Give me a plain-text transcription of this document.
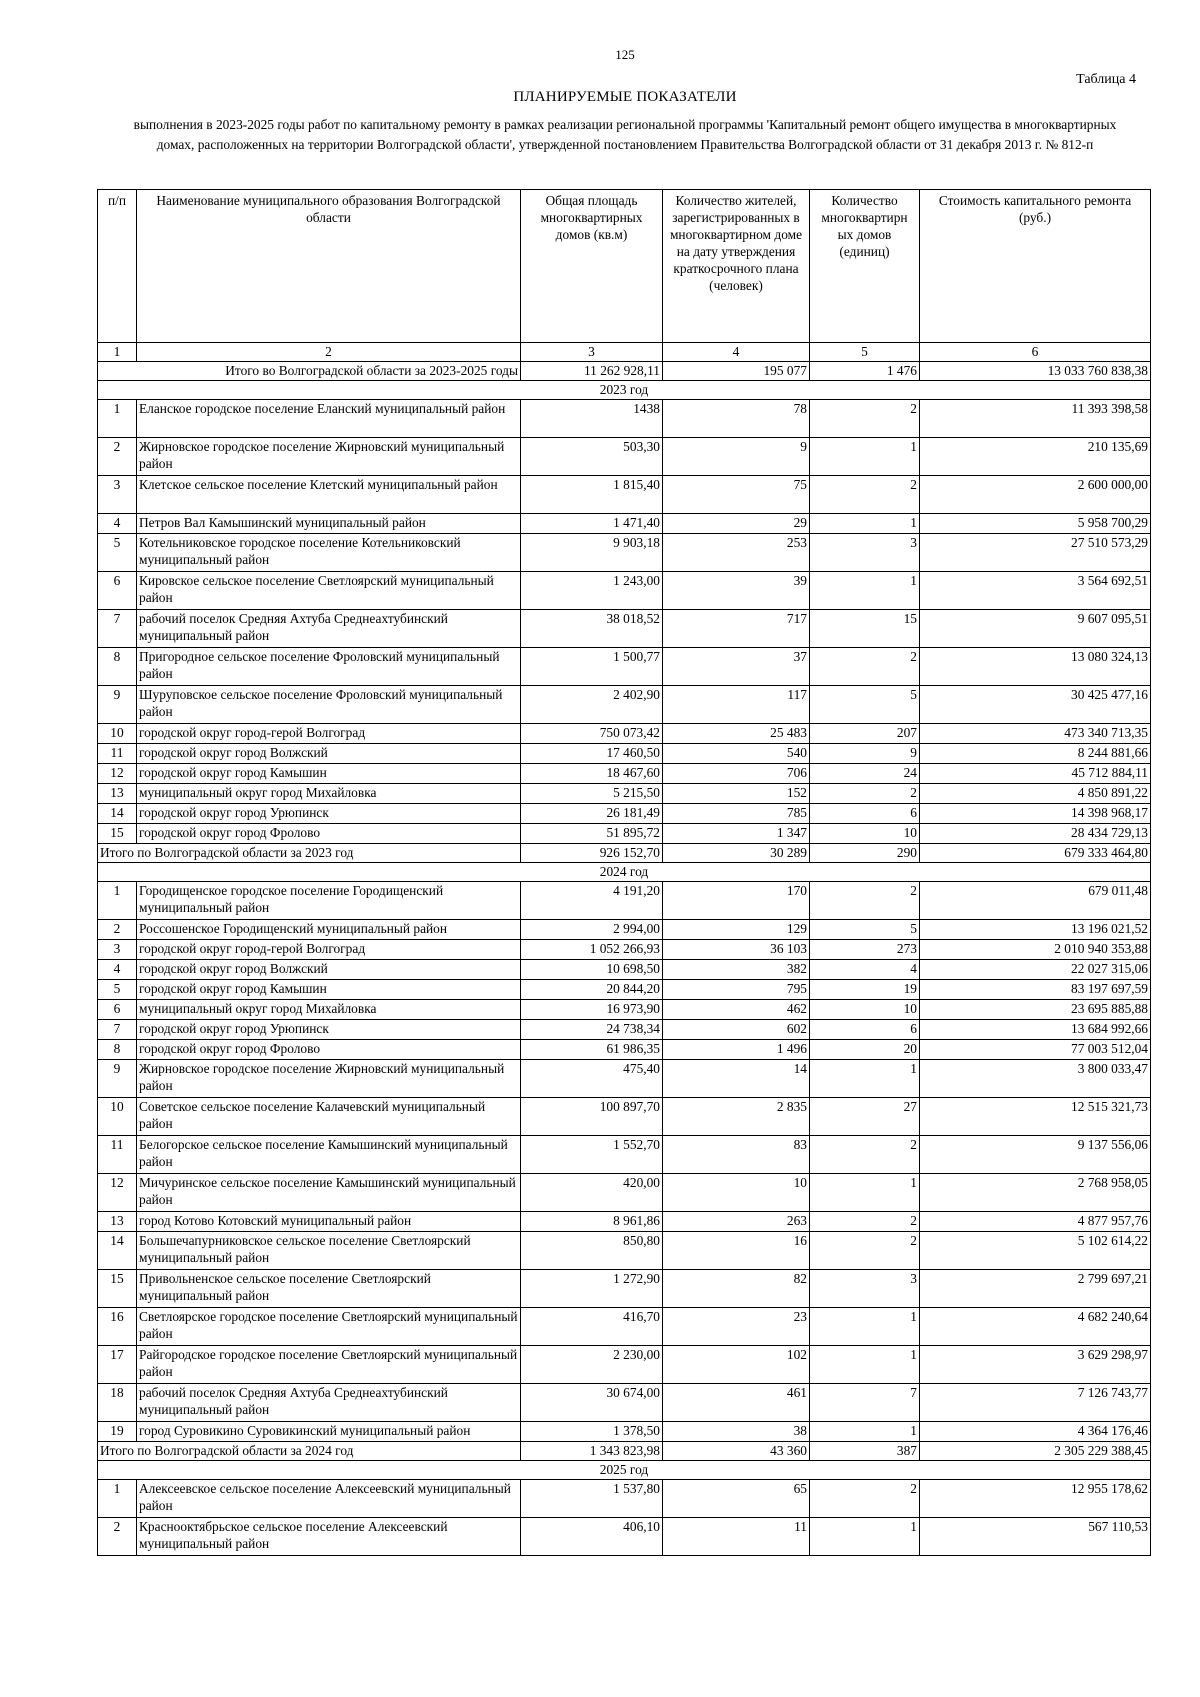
125
Таблица 4
ПЛАНИРУЕМЫЕ ПОКАЗАТЕЛИ
выполнения в 2023-2025 годы работ по капитальному ремонту в рамках реализации региональной программы 'Капитальный ремонт общего имущества в многоквартирных домах, расположенных на территории Волгоградской области', утвержденной постановлением Правительства Волгоградской области от 31 декабря 2013 г. № 812-п
п/п	Наименование муниципального образования Волгоградской области	Общая площадь многоквартирных домов (кв.м)	Количество жителей, зарегистрированных в многоквартирном доме на дату утверждения краткосрочного плана (человек)	Количество многоквартирн ых домов (единиц)	Стоимость капитального ремонта (руб.)
1	2	3	4	5	6
Итого во Волгоградской области за 2023-2025 годы		11 262 928,11	195 077	1 476	13 033 760 838,38
2023 год					
1	Еланское городское поселение Еланский муниципальный район	1438	78	2	11 393 398,58
2	Жирновское городское поселение Жирновский муниципальный район	503,30	9	1	210 135,69
3	Клетское сельское поселение Клетский муниципальный район	1 815,40	75	2	2 600 000,00
4	Петров Вал Камышинский муниципальный район	1 471,40	29	1	5 958 700,29
5	Котельниковское городское поселение Котельниковский муниципальный район	9 903,18	253	3	27 510 573,29
6	Кировское сельское поселение Светлоярский муниципальный район	1 243,00	39	1	3 564 692,51
7	рабочий поселок Средняя Ахтуба Среднеахтубинский муниципальный район	38 018,52	717	15	9 607 095,51
8	Пригородное сельское поселение Фроловский муниципальный район	1 500,77	37	2	13 080 324,13
9	Шуруповское сельское поселение Фроловский муниципальный район	2 402,90	117	5	30 425 477,16
10	городской округ город-герой Волгоград	750 073,42	25 483	207	473 340 713,35
11	городской округ город Волжский	17 460,50	540	9	8 244 881,66
12	городской округ город Камышин	18 467,60	706	24	45 712 884,11
13	муниципальный округ город Михайловка	5 215,50	152	2	4 850 891,22
14	городской округ город Урюпинск	26 181,49	785	6	14 398 968,17
15	городской округ город Фролово	51 895,72	1 347	10	28 434 729,13
Итого по Волгоградской области за 2023 год		926 152,70	30 289	290	679 333 464,80
2024 год					
1	Городищенское городское поселение Городищенский муниципальный район	4 191,20	170	2	679 011,48
2	Россошенское Городищенский муниципальный район	2 994,00	129	5	13 196 021,52
3	городской округ город-герой Волгоград	1 052 266,93	36 103	273	2 010 940 353,88
4	городской округ город Волжский	10 698,50	382	4	22 027 315,06
5	городской округ город Камышин	20 844,20	795	19	83 197 697,59
6	муниципальный округ город Михайловка	16 973,90	462	10	23 695 885,88
7	городской округ город Урюпинск	24 738,34	602	6	13 684 992,66
8	городской округ город Фролово	61 986,35	1 496	20	77 003 512,04
9	Жирновское городское поселение Жирновский муниципальный район	475,40	14	1	3 800 033,47
10	Советское сельское поселение Калачевский муниципальный район	100 897,70	2 835	27	12 515 321,73
11	Белогорское сельское поселение Камышинский муниципальный район	1 552,70	83	2	9 137 556,06
12	Мичуринское сельское поселение Камышинский муниципальный район	420,00	10	1	2 768 958,05
13	город Котово Котовский муниципальный район	8 961,86	263	2	4 877 957,76
14	Большечапурниковское сельское поселение Светлоярский муниципальный район	850,80	16	2	5 102 614,22
15	Привольненское сельское поселение Светлоярский муниципальный район	1 272,90	82	3	2 799 697,21
16	Светлоярское городское поселение Светлоярский муниципальный район	416,70	23	1	4 682 240,64
17	Райгородское городское поселение Светлоярский муниципальный район	2 230,00	102	1	3 629 298,97
18	рабочий поселок Средняя Ахтуба Среднеахтубинский муниципальный район	30 674,00	461	7	7 126 743,77
19	город Суровикино Суровикинский муниципальный район	1 378,50	38	1	4 364 176,46
Итого по Волгоградской области за 2024 год		1 343 823,98	43 360	387	2 305 229 388,45
2025 год					
1	Алексеевское сельское поселение Алексеевский муниципальный район	1 537,80	65	2	12 955 178,62
2	Краснооктябрьское сельское поселение Алексеевский муниципальный район	406,10	11	1	567 110,53
